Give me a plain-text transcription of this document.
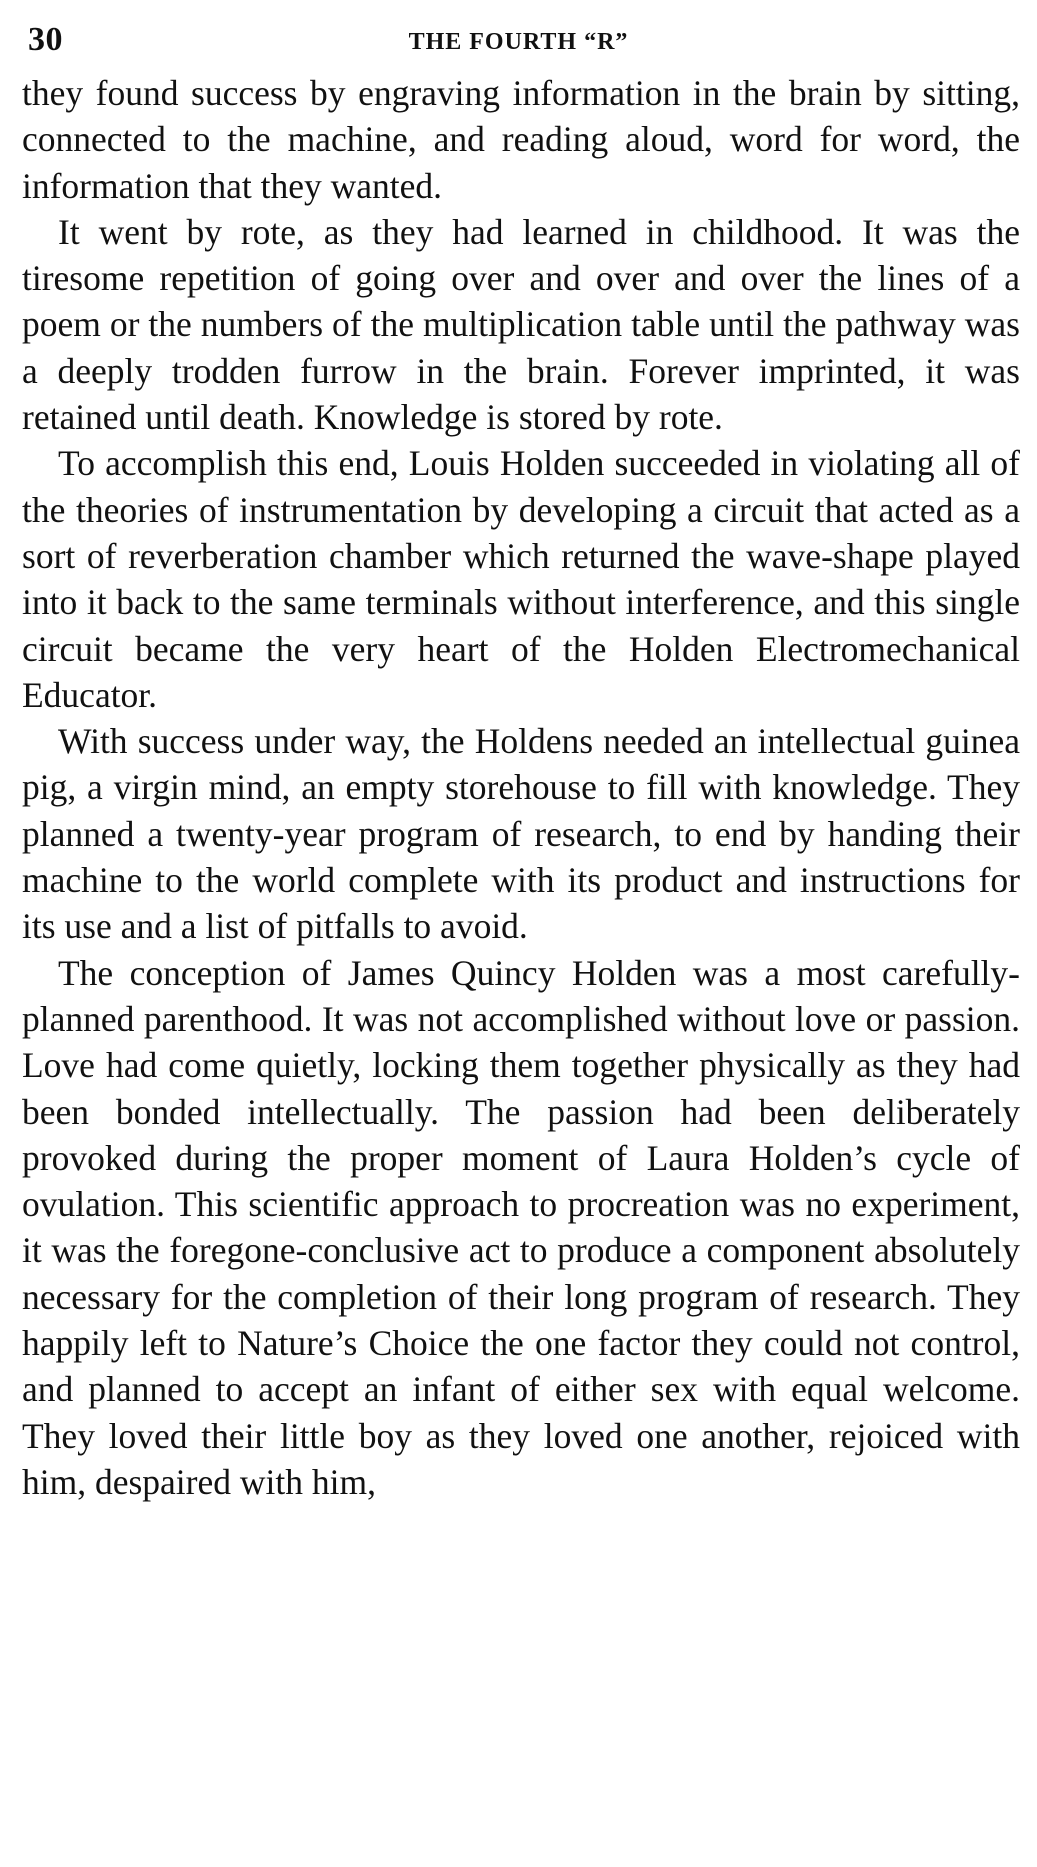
30	THE FOURTH “R”

they found success by engraving information in the brain by sitting, connected to the machine, and reading aloud, word for word, the information that they wanted.

It went by rote, as they had learned in childhood. It was the tiresome repetition of going over and over and over the lines of a poem or the numbers of the multiplication table until the pathway was a deeply trodden furrow in the brain. Forever imprinted, it was retained until death. Knowledge is stored by rote.

To accomplish this end, Louis Holden succeeded in violating all of the theories of instrumentation by developing a circuit that acted as a sort of reverberation chamber which returned the wave-shape played into it back to the same terminals without interference, and this single circuit became the very heart of the Holden Electromechanical Educator.

With success under way, the Holdens needed an intellectual guinea pig, a virgin mind, an empty storehouse to fill with knowledge. They planned a twenty-year program of research, to end by handing their machine to the world complete with its product and instructions for its use and a list of pitfalls to avoid.

The conception of James Quincy Holden was a most carefully-planned parenthood. It was not accomplished without love or passion. Love had come quietly, locking them together physically as they had been bonded intellectually. The passion had been deliberately provoked during the proper moment of Laura Holden’s cycle of ovulation. This scientific approach to procreation was no experiment, it was the foregone-conclusive act to produce a component absolutely necessary for the completion of their long program of research. They happily left to Nature’s Choice the one factor they could not control, and planned to accept an infant of either sex with equal welcome. They loved their little boy as they loved one another, rejoiced with him, despaired with him,
